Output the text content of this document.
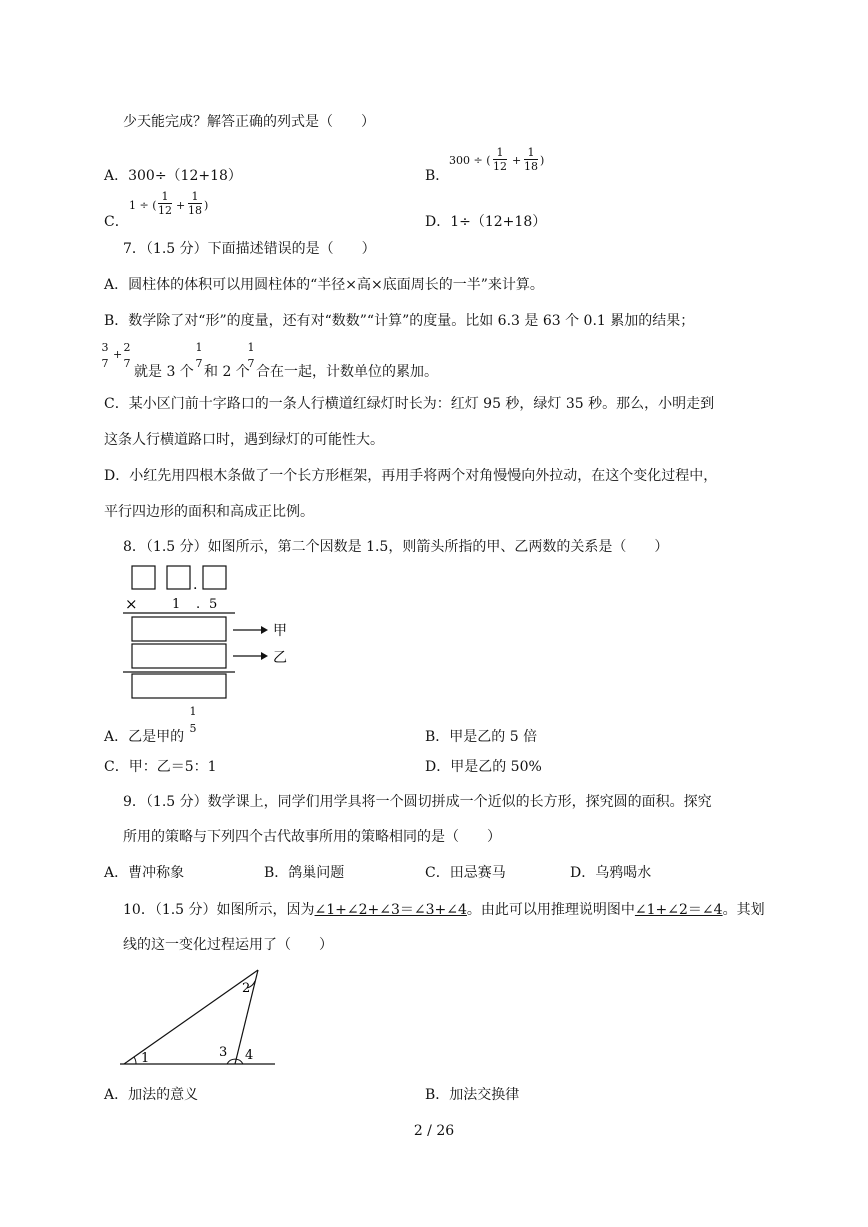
少天能完成？解答正确的列式是（　　）
A．300÷（12+18）	B．
300 ÷ (
1
12 +
1
18 )
C．
1 ÷ (
1
12 +
1
18 )
D．1÷（12+18）
7．（1.5 分）下面描述错误的是（　　）
A．圆柱体的体积可以用圆柱体的“半径×高×底面周长的一半”来计算。
B．数学除了对“形”的度量，还有对“数数”“计算”的度量。比如 6.3 是 63 个 0.1 累加的结果；
3
7
+
2
7
就是 3 个
1
7
和 2 个
1
7
合在一起，计数单位的累加。
C．某小区门前十字路口的一条人行横道红绿灯时长为：红灯 95 秒，绿灯 35 秒。那么，小明走到
这条人行横道路口时，遇到绿灯的可能性大。
D．小红先用四根木条做了一个长方形框架，再用手将两个对角慢慢向外拉动，在这个变化过程中，
平行四边形的面积和高成正比例。
8．（1.5 分）如图所示，第二个因数是 1.5，则箭头所指的甲、乙两数的关系是（　　）
.
×	1 . 5
甲
乙
A．乙是甲的
1
5
B．甲是乙的 5 倍
C．甲：乙＝5：1	D．甲是乙的 50%
9．（1.5 分）数学课上，同学们用学具将一个圆切拼成一个近似的长方形，探究圆的面积。探究
所用的策略与下列四个古代故事所用的策略相同的是（　　）
A．曹冲称象	B．鸽巢问题	C．田忌赛马	D．乌鸦喝水
10．（1.5 分）如图所示，因为∠1+∠2+∠3＝∠3+∠4。由此可以用推理说明图中∠1+∠2＝∠4。其划
线的这一变化过程运用了（　　）
1
2
3 4
A．加法的意义	B．加法交换律
2 / 26
